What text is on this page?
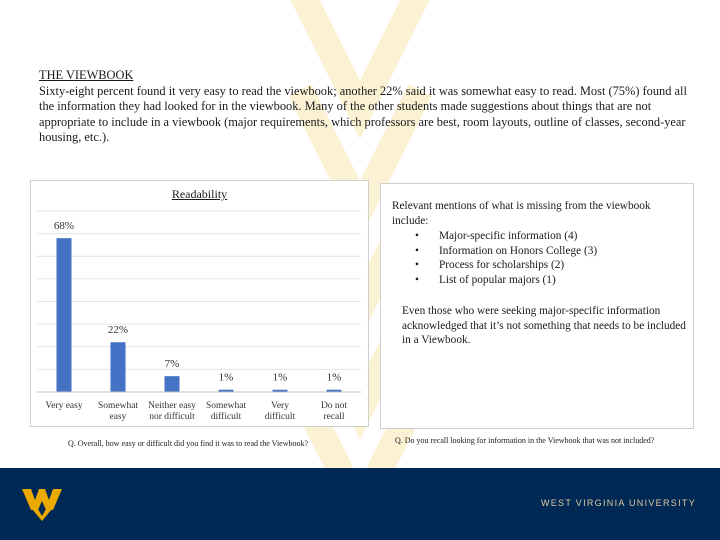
THE VIEWBOOK
Sixty-eight percent found it very easy to read the viewbook; another 22% said it was somewhat easy to read. Most (75%) found all the information they had looked for in the viewbook. Many of the other students made suggestions about things that are not appropriate to include in a viewbook (major requirements, which professors are best, room layouts, outline of classes, second-year housing, etc.).
Readability
68%
Very easy
22%
Somewhat
easy
7%
Neither easy
nor difficult
1%
Somewhat
difficult
1%
Very
difficult
1%
Do not
recall
Q. Overall, how easy or difficult did you find it was to read the Viewbook?
Relevant mentions of what is missing from the viewbook include:
• Major-specific information (4)
• Information on Honors College (3)
• Process for scholarships (2)
• List of popular majors (1)
Even those who were seeking major-specific information acknowledged that it’s not something that needs to be included in a Viewbook.
Q. Do you recall looking for information in the Viewbook that was not included?
WEST VIRGINIA UNIVERSITY
